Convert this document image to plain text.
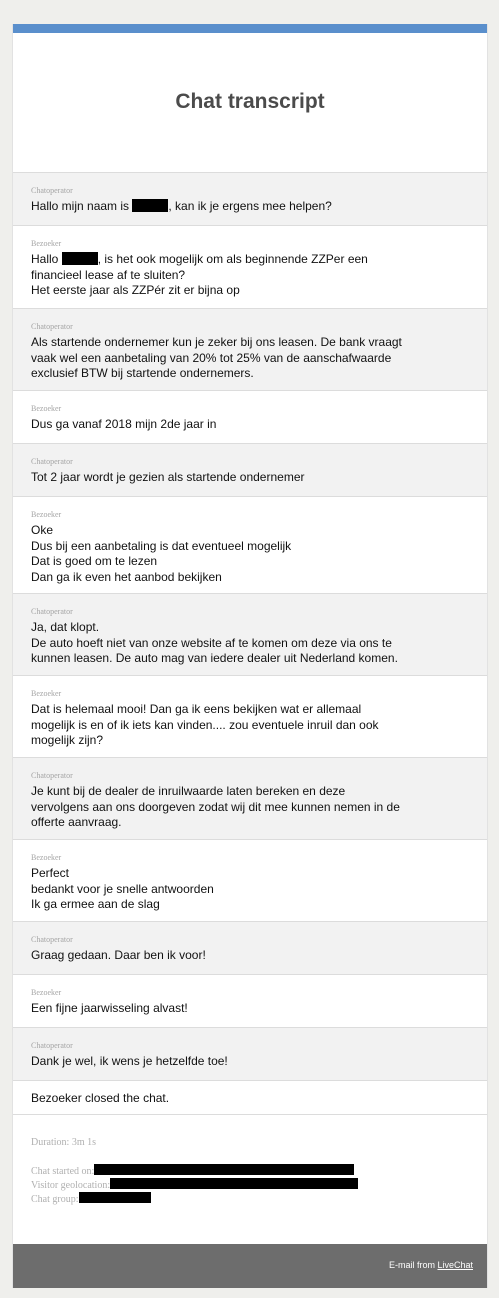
Chat transcript
Chatoperator
Hallo mijn naam is	, kan ik je ergens mee helpen?
Bezoeker
Hallo	, is het ook mogelijk om als beginnende ZZPer een
financieel lease af te sluiten?
Het eerste jaar als ZZPér zit er bijna op
Chatoperator
Als startende ondernemer kun je zeker bij ons leasen. De bank vraagt
vaak wel een aanbetaling van 20% tot 25% van de aanschafwaarde
exclusief BTW bij startende ondernemers.
Bezoeker
Dus ga vanaf 2018 mijn 2de jaar in
Chatoperator
Tot 2 jaar wordt je gezien als startende ondernemer
Bezoeker
Oke
Dus bij een aanbetaling is dat eventueel mogelijk
Dat is goed om te lezen
Dan ga ik even het aanbod bekijken
Chatoperator
Ja, dat klopt.
De auto hoeft niet van onze website af te komen om deze via ons te
kunnen leasen. De auto mag van iedere dealer uit Nederland komen.
Bezoeker
Dat is helemaal mooi! Dan ga ik eens bekijken wat er allemaal
mogelijk is en of ik iets kan vinden.... zou eventuele inruil dan ook
mogelijk zijn?
Chatoperator
Je kunt bij de dealer de inruilwaarde laten bereken en deze
vervolgens aan ons doorgeven zodat wij dit mee kunnen nemen in de
offerte aanvraag.
Bezoeker
Perfect
bedankt voor je snelle antwoorden
Ik ga ermee aan de slag
Chatoperator
Graag gedaan. Daar ben ik voor!
Bezoeker
Een fijne jaarwisseling alvast!
Chatoperator
Dank je wel, ik wens je hetzelfde toe!
Bezoeker closed the chat.
Duration: 3m 1s
Chat started on:
Visitor geolocation:
Chat group:
E-mail from LiveChat
